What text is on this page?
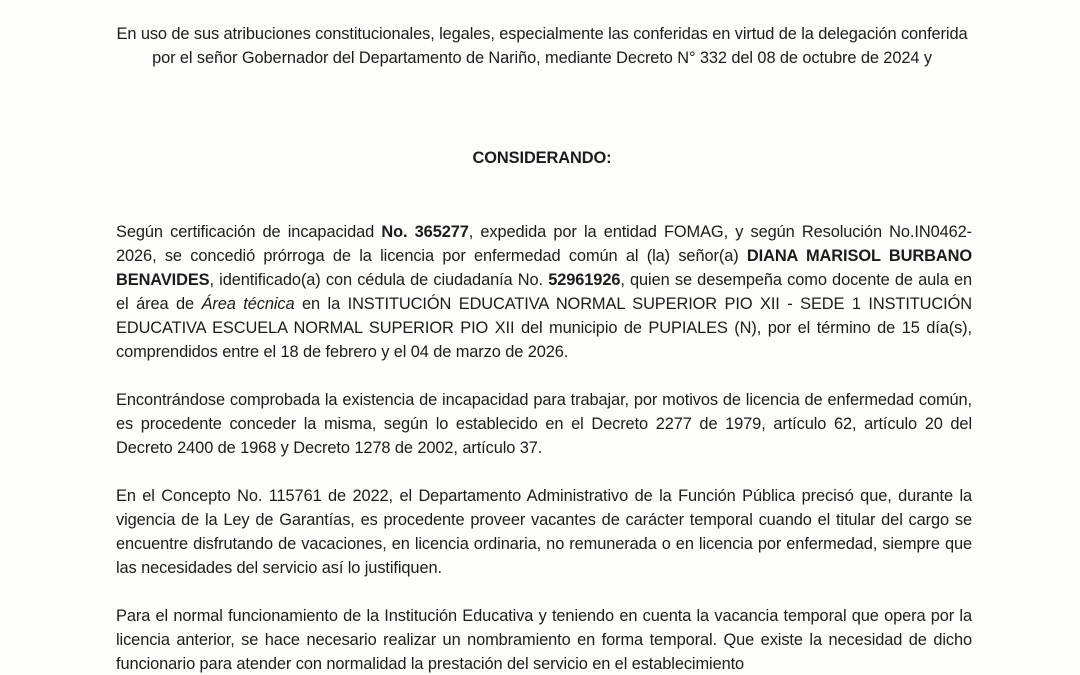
En uso de sus atribuciones constitucionales, legales, especialmente las conferidas en virtud de la delegación conferida por el señor Gobernador del Departamento de Nariño, mediante Decreto N° 332 del 08 de octubre de 2024 y

CONSIDERANDO:

Según certificación de incapacidad No. 365277, expedida por la entidad FOMAG, y según Resolución No.IN0462-2026, se concedió prórroga de la licencia por enfermedad común al (la) señor(a) DIANA MARISOL BURBANO BENAVIDES, identificado(a) con cédula de ciudadanía No. 52961926, quien se desempeña como docente de aula en el área de Área técnica en la INSTITUCIÓN EDUCATIVA NORMAL SUPERIOR PIO XII - SEDE 1 INSTITUCIÓN EDUCATIVA ESCUELA NORMAL SUPERIOR PIO XII del municipio de PUPIALES (N), por el término de 15 día(s), comprendidos entre el 18 de febrero y el 04 de marzo de 2026.

Encontrándose comprobada la existencia de incapacidad para trabajar, por motivos de licencia de enfermedad común, es procedente conceder la misma, según lo establecido en el Decreto 2277 de 1979, artículo 62, artículo 20 del Decreto 2400 de 1968 y Decreto 1278 de 2002, artículo 37.

En el Concepto No. 115761 de 2022, el Departamento Administrativo de la Función Pública precisó que, durante la vigencia de la Ley de Garantías, es procedente proveer vacantes de carácter temporal cuando el titular del cargo se encuentre disfrutando de vacaciones, en licencia ordinaria, no remunerada o en licencia por enfermedad, siempre que las necesidades del servicio así lo justifiquen.

Para el normal funcionamiento de la Institución Educativa y teniendo en cuenta la vacancia temporal que opera por la licencia anterior, se hace necesario realizar un nombramiento en forma temporal. Que existe la necesidad de dicho funcionario para atender con normalidad la prestación del servicio en el establecimiento
